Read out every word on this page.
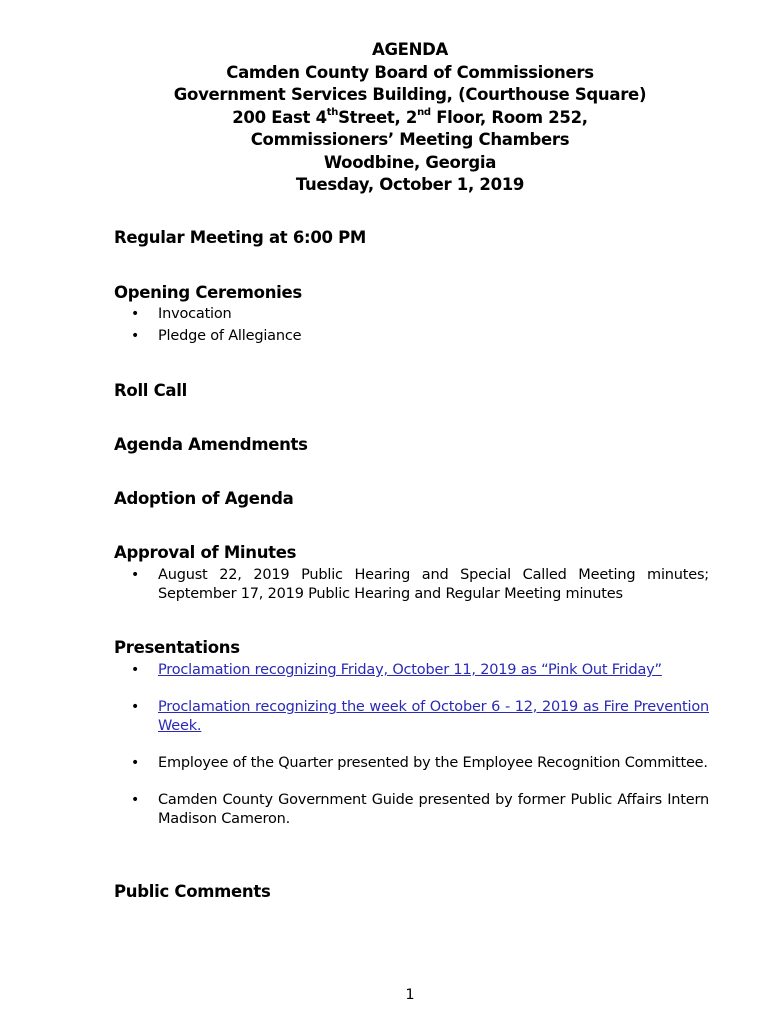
AGENDA
Camden County Board of Commissioners
Government Services Building, (Courthouse Square)
200 East 4thStreet, 2nd Floor, Room 252,
Commissioners’ Meeting Chambers
Woodbine, Georgia
Tuesday, October 1, 2019
Regular Meeting at 6:00 PM
Opening Ceremonies
•	Invocation
•	Pledge of Allegiance
Roll Call
Agenda Amendments
Adoption of Agenda
Approval of Minutes
•	August 22, 2019 Public Hearing and Special Called Meeting minutes; September 17, 2019 Public Hearing and Regular Meeting minutes
Presentations
•	Proclamation recognizing Friday, October 11, 2019 as “Pink Out Friday”
•	Proclamation recognizing the week of October 6 - 12, 2019 as Fire Prevention Week.
•	Employee of the Quarter presented by the Employee Recognition Committee.
•	Camden County Government Guide presented by former Public Affairs Intern Madison Cameron.
Public Comments
1
